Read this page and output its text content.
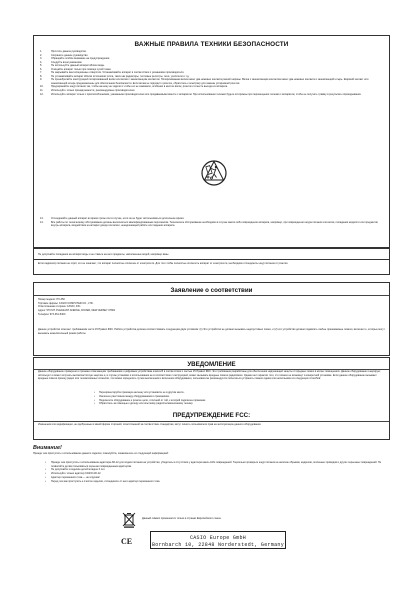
ВАЖНЫЕ ПРАВИЛА ТЕХНИКИ БЕЗОПАСНОСТИ
1.	Прочтите данное руководство.
2.	Сохраните данное руководство.
3.	Обращайте особое внимание на предупреждения.
4.	Следуйте всем указаниям.
5.	Не используйте данный аппарат вблизи воды.
6.	Очищайте аппарат только при помощи сухой ткани.
7.	Не закрывайте вентиляционные отверстия. Устанавливайте аппарат в соответствии с указаниями производителя.
8.	Не устанавливайте аппарат вблизи источников тепла, таких как радиаторы, тепловые регистры, печи, усилители и т.д.
9.	Не пренебрегайте конструкцией поляризованной вилки или вилки с заземляющим контактом. Поляризованная вилка имеет два ножевых контакта разной ширины. Вилка с заземляющим контактом имеет два ножевых контакта и заземляющий штырь. Широкий контакт или заземляющий штырь предназначены для обеспечения безопасности. Если вилка не подходит к розетке, обратитесь к электрику для замены устаревшей розетки.
10.	Предохраняйте шнур питания так, чтобы на нему не ходили и чтобы его не зажимало, особенно в местах вилок, розеток и в месте выхода из аппарата.
11.	Используйте только принадлежности, рекомендуемые производителем.
12.	Используйте аппарат только с приспособлениями, указанными производителем или продаваемыми вместе с аппаратом. При использовании тележки будьте осторожны при перемещении тележки с аппаратом, чтобы не получить травму в результате опрокидывания.
13.	Отсоединяйте данный аппарат во время грозы или в случае, если он не будет использоваться длительное время.
14.	Все работы по техническому обслуживанию должны выполняться квалифицированным персоналом. Техническое обслуживание необходимо в случае какого-либо повреждения аппарата, например, при повреждении шнура питания или вилки, попадании жидкости или предметов внутрь аппарата, воздействии на аппарат дождя или влаги, ненадлежащей работе или падении аппарата.
Не допускайте попадания на аппарат воды и не ставьте на него предметы, наполненные водой, например вазы.
Если индикатор питания не горит, это не означает, что аппарат полностью отключен от электросети. Для того чтобы полностью отключить аппарат от электросети, необходимо отсоединить шнур питания от розетки.
Заявление о соответствии
Номер модели: PX-350
Торговое фирмы: CASIO COMPUTER CO., LTD.
Ответственная сторона: CASIO, INC.
Адрес: 570 MT. PLEASANT AVENUE, DOVER, NEW JERSEY 07801
Телефон: 973-361-5400
Данное устройство отвечает требованиям части 15 Правил ФКС. Работа устройства должна соответствовать следующим двум условиям: (1) Это устройство не должно вызывать недопустимых помех, и (2) это устройство должно подавлять любые принимаемые помехи, включая те, которые могут вызывать нежелательный режим работы.
УВЕДОМЛЕНИЕ
Данное оборудование проверено и признано отвечающим требованиям к цифровым устройствам класса B в соответствии с частью 15 Правил ФКС. Эти требования разработаны для обеспечения надлежащей защиты от вредных помех в жилых помещениях. Данное оборудование генерирует, использует и может излучать высокочастотную энергию и, в случае установки и использования не в соответствии с инструкцией, может вызывать вредные помехи радиосвязи. Однако нет гарантии того, что помехи не возникнут в конкретной установке. Если данное оборудование вызывает вредные помехи приему радио или телевизионных сигналов, что можно определить путем выключения и включения оборудования, пользователю рекомендуется попытаться устранить помехи одним или несколькими из следующих способов:
• Переориентируйте приемную антенну или установите ее в другом месте.
• Увеличьте расстояние между оборудованием и приемником.
• Подключите оборудование к розетке цепи, отличной от той, к которой подключен приемник.
• Обратитесь за помощью к дилеру или опытному радио/телевизионному технику.
ПРЕДУПРЕЖДЕНИЕ FCC:
Изменения или модификации, не одобренные в явной форме стороной, ответственной за соответствие стандартам, могут лишить пользователя прав на эксплуатацию данного оборудования.
Внимание!
Прежде чем приступить к использованию данного изделия, пожалуйста, ознакомьтесь со следующей информацией:
• Прежде чем приступить к использованию адаптера AD-12 для подачи питания на устройство, убедитесь в отсутствии у адаптера каких-либо повреждений. Тщательно проверьте шнур питания на наличие обрывов, надрезов, оголенных проводов и других серьезных повреждений. Не позволяйте детям пользоваться серьезно поврежденным адаптером.
• Не допускайте к изделию детей младше 3 лет.
• Используйте только адаптер CASIO AD-12.
• Адаптер переменного тока — не игрушка!
• Перед тем как приступить к очистке изделия, отсоедините от него адаптер переменного тока.
Данный символ применяется только в странах Европейского союза.
CE	CASIO Europe GmbH
Bornbarch 10, 22848 Norderstedt, Germany
